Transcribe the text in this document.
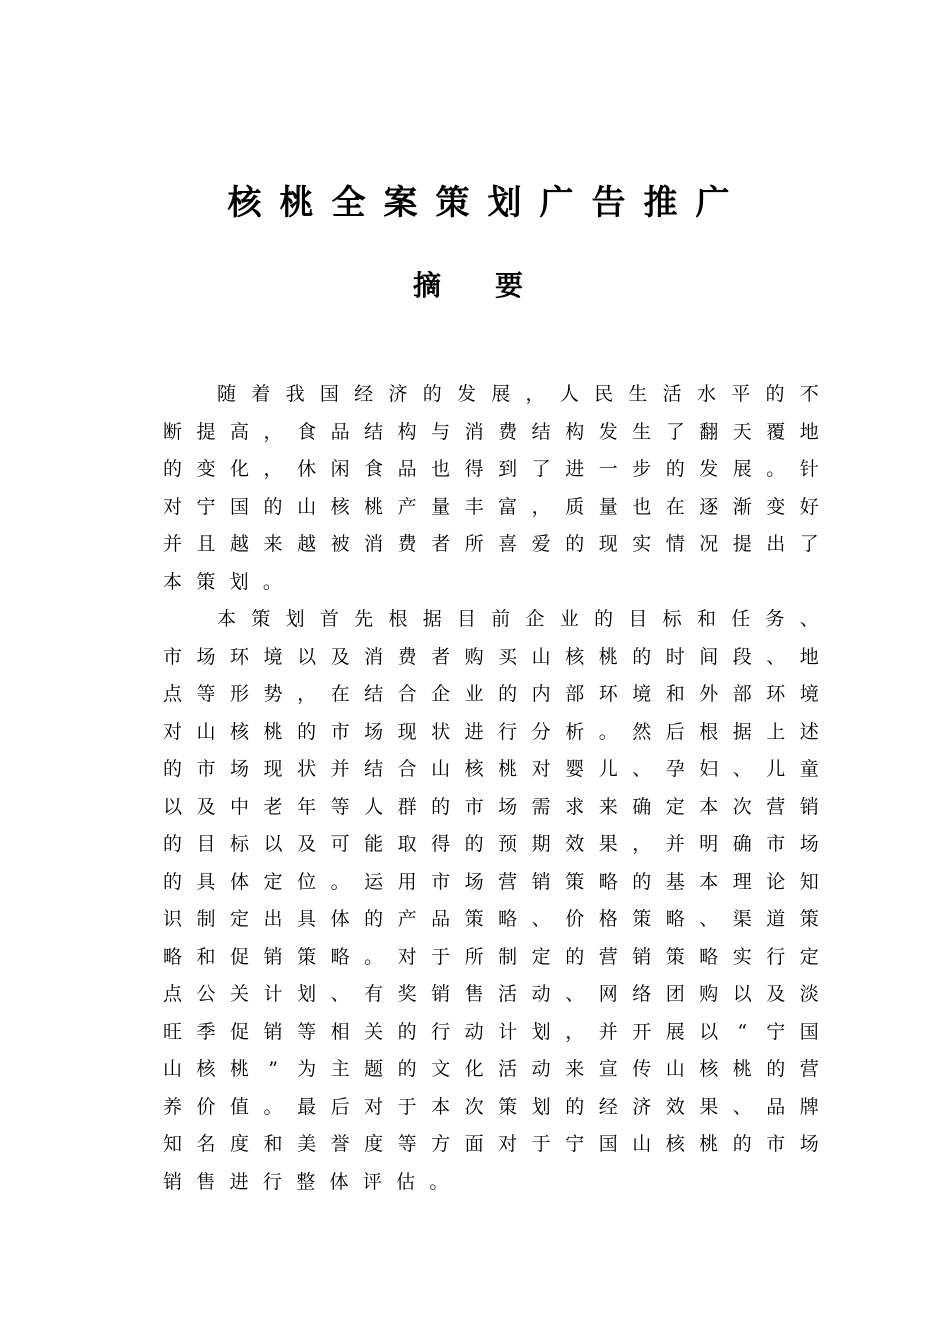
核桃全案策划广告推广
摘要
随 着 我 国 经 济 的 发 展 ， 人 民 生 活 水 平 的 不
断 提 高 ， 食 品 结 构 与 消 费 结 构 发 生 了 翻 天 覆 地
的 变 化 ， 休 闲 食 品 也 得 到 了 进 一 步 的 发 展 。 针
对 宁 国 的 山 核 桃 产 量 丰 富 ， 质 量 也 在 逐 渐 变 好
并 且 越 来 越 被 消 费 者 所 喜 爱 的 现 实 情 况 提 出 了
本 策 划 。
本 策 划 首 先 根 据 目 前 企 业 的 目 标 和 任 务 、
市 场 环 境 以 及 消 费 者 购 买 山 核 桃 的 时 间 段 、 地
点 等 形 势 ， 在 结 合 企 业 的 内 部 环 境 和 外 部 环 境
对 山 核 桃 的 市 场 现 状 进 行 分 析 。 然 后 根 据 上 述
的 市 场 现 状 并 结 合 山 核 桃 对 婴 儿 、 孕 妇 、 儿 童
以 及 中 老 年 等 人 群 的 市 场 需 求 来 确 定 本 次 营 销
的 目 标 以 及 可 能 取 得 的 预 期 效 果 ， 并 明 确 市 场
的 具 体 定 位 。 运 用 市 场 营 销 策 略 的 基 本 理 论 知
识 制 定 出 具 体 的 产 品 策 略 、 价 格 策 略 、 渠 道 策
略 和 促 销 策 略 。 对 于 所 制 定 的 营 销 策 略 实 行 定
点 公 关 计 划 、 有 奖 销 售 活 动 、 网 络 团 购 以 及 淡
旺 季 促 销 等 相 关 的 行 动 计 划 ， 并 开 展 以 “ 宁 国
山 核 桃 ” 为 主 题 的 文 化 活 动 来 宣 传 山 核 桃 的 营
养 价 值 。 最 后 对 于 本 次 策 划 的 经 济 效 果 、 品 牌
知 名 度 和 美 誉 度 等 方 面 对 于 宁 国 山 核 桃 的 市 场
销 售 进 行 整 体 评 估 。
